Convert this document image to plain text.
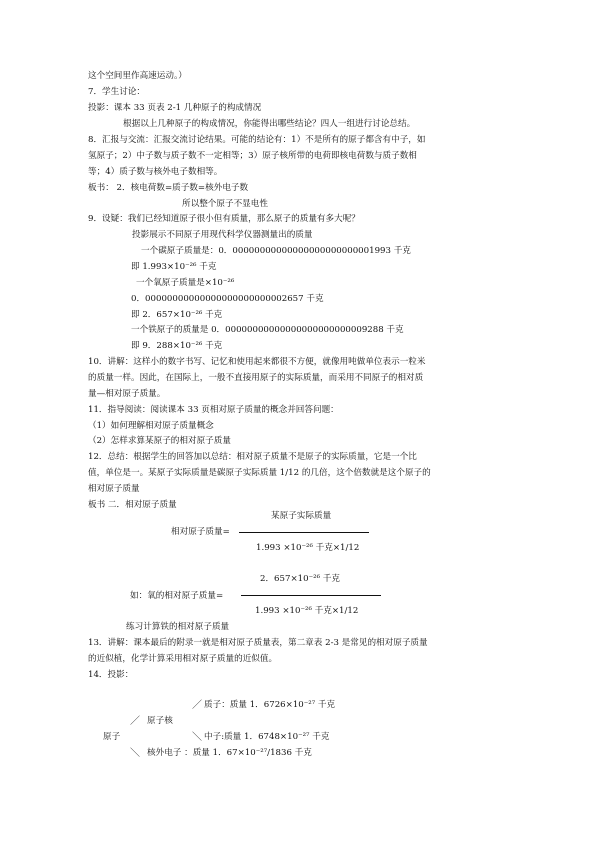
这个空间里作高速运动。）
7．学生讨论：
投影：课本 33 页表 2-1 几种原子的构成情况
根据以上几种原子的构成情况，你能得出哪些结论？四人一组进行讨论总结。
8．汇报与交流：汇报交流讨论结果。可能的结论有：1）不是所有的原子都含有中子，如
氢原子；2）中子数与质子数不一定相等；3）原子核所带的电荷即核电荷数与质子数相
等；4）质子数与核外电子数相等。
板书： 2．核电荷数=质子数=核外电子数
所以整个原子不显电性
9．设疑：我们已经知道原子很小但有质量，那么原子的质量有多大呢？
投影展示不同原子用现代科学仪器测量出的质量
一个碳原子质量是：0．00000000000000000000000001993 千克
即 1.993×10⁻²⁶ 千克
一个氧原子质量是×10⁻²⁶
0．00000000000000000000000002657 千克
即 2．657×10⁻²⁶ 千克
一个铁原子的质量是 0．00000000000000000000000009288 千克
即 9．288×10⁻²⁶ 千克
10．讲解：这样小的数字书写、记忆和使用起来都很不方便，就像用吨做单位表示一粒米
的质量一样。因此，在国际上，一般不直接用原子的实际质量，而采用不同原子的相对质
量—相对原子质量。
11．指导阅读：阅读课本 33 页相对原子质量的概念并回答问题：
（1）如何理解相对原子质量概念
（2）怎样求算某原子的相对原子质量
12．总结：根据学生的回答加以总结：相对原子质量不是原子的实际质量，它是一个比
值，单位是一。某原子实际质量是碳原子实际质量 1/12 的几倍，这个倍数就是这个原子的
相对原子质量
板书 二．相对原子质量
某原子实际质量
相对原子质量=
1.993 ×10⁻²⁶ 千克×1/12
2．657×10⁻²⁶ 千克
如：氧的相对原子质量=
1.993 ×10⁻²⁶ 千克×1/12
练习计算铁的相对原子质量
13．讲解：课本最后的附录一就是相对原子质量表，第二章表 2-3 是常见的相对原子质量
的近似植，化学计算采用相对原子质量的近似值。
14．投影：
／ 质子：质量 1．6726×10⁻²⁷ 千克
／ 原子核
原子	＼ 中子:质量 1．6748×10⁻²⁷ 千克
＼ 核外电子 ：质量 1．67×10⁻²⁷/1836 千克
